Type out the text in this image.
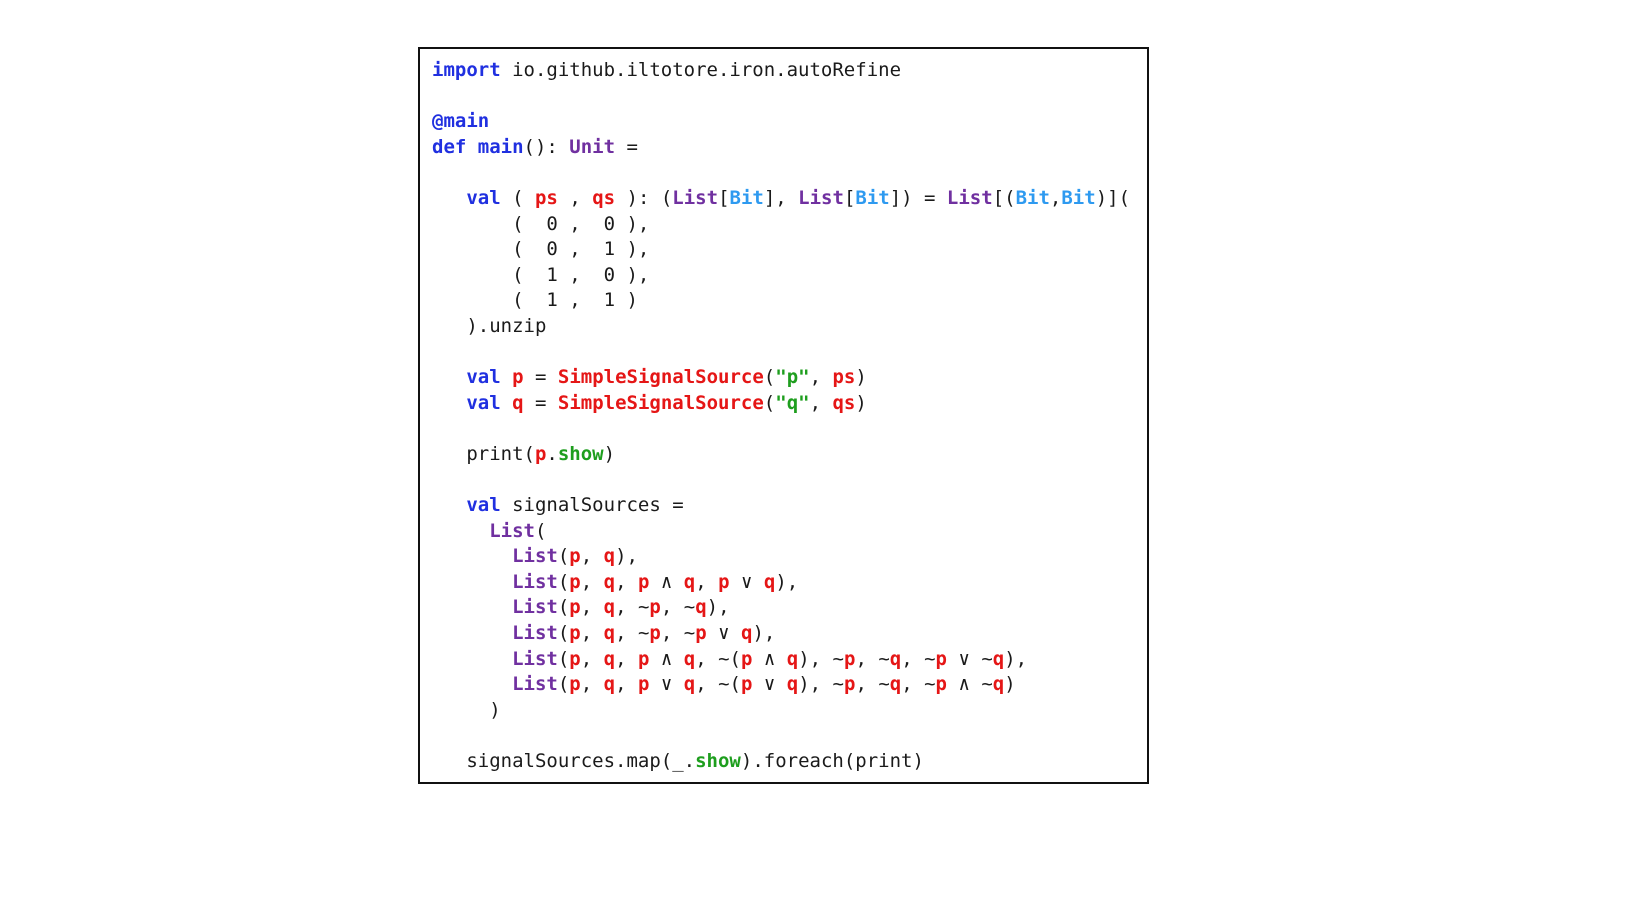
import io.github.iltotore.iron.autoRefine

@main
def main(): Unit =

val ( ps , qs ): (List[Bit], List[Bit]) = List[(Bit,Bit)](
(  0 ,  0 ),
(  0 ,  1 ),
(  1 ,  0 ),
(  1 ,  1 )
).unzip

val p = SimpleSignalSource("p", ps)
val q = SimpleSignalSource("q", qs)

print(p.show)

val signalSources =
List(
List(p, q),
List(p, q, p ∧ q, p ∨ q),
List(p, q, ~p, ~q),
List(p, q, ~p, ~p ∨ q),
List(p, q, p ∧ q, ~(p ∧ q), ~p, ~q, ~p ∨ ~q),
List(p, q, p ∨ q, ~(p ∨ q), ~p, ~q, ~p ∧ ~q)
)

signalSources.map(_.show).foreach(print)
